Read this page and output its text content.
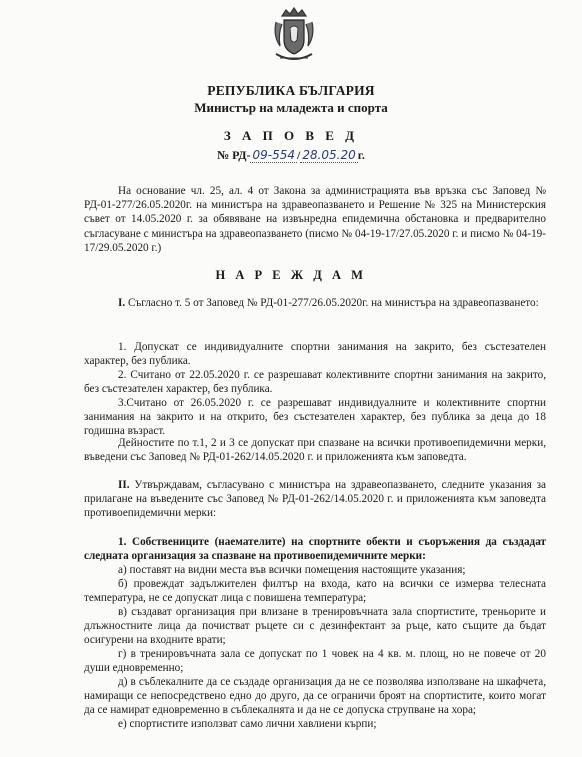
РЕПУБЛИКА БЪЛГАРИЯ
Министър на младежта и спорта
З А П О В Е Д
№ РД- 09-554 / 28.05.20 г.

На основание чл. 25, ал. 4 от Закона за администрацията във връзка със Заповед № РД-01-277/26.05.2020г. на министъра на здравеопазването и Решение № 325 на Министерския съвет от 14.05.2020 г. за обявяване на извънредна епидемична обстановка и предварително съгласуване с министъра на здравеопазването (писмо № 04-19-17/27.05.2020 г. и писмо № 04-19-17/29.05.2020 г.)

Н А Р Е Ж Д А М

I. Съгласно т. 5 от Заповед № РД-01-277/26.05.2020г. на министъра на здравеопазването:

1. Допускат се индивидуалните спортни занимания на закрито, без състезателен характер, без публика.

2. Считано от 22.05.2020 г. се разрешават колективните спортни занимания на закрито, без състезателен характер, без публика.

3.Считано от 26.05.2020 г. се разрешават индивидуалните и колективните спортни занимания на закрито и на открито, без състезателен характер, без публика за деца до 18 годишна възраст.

Дейностите по т.1, 2 и 3 се допускат при спазване на всички противоепидемични мерки, въведени със Заповед № РД-01-262/14.05.2020 г. и приложенията към заповедта.

II. Утвърждавам, съгласувано с министъра на здравеопазването, следните указания за прилагане на въведените със Заповед № РД-01-262/14.05.2020 г. и приложенията към заповедта противоепидемични мерки:

1. Собствениците (наемателите) на спортните обекти и съоръжения да създадат следната организация за спазване на противоепидемичните мерки:

а) поставят на видни места във всички помещения настоящите указания;

б) провеждат задължителен филтър на входа, като на всички се измерва телесната температура, не се допускат лица с повишена температура;

в) създават организация при влизане в тренировъчната зала спортистите, треньорите и длъжностните лица да почистват ръцете си с дезинфектант за ръце, като същите да бъдат осигурени на входните врати;

г) в тренировъчната зала се допускат по 1 човек на 4 кв. м. площ, но не повече от 20 души едновременно;

д) в съблекалните да се създаде организация да не се позволява използване на шкафчета, намиращи се непосредствено едно до друго, да се ограничи броят на спортистите, които могат да се намират едновременно в съблекалнята и да не се допуска струпване на хора;

е) спортистите използват само лични хавлиени кърпи;
